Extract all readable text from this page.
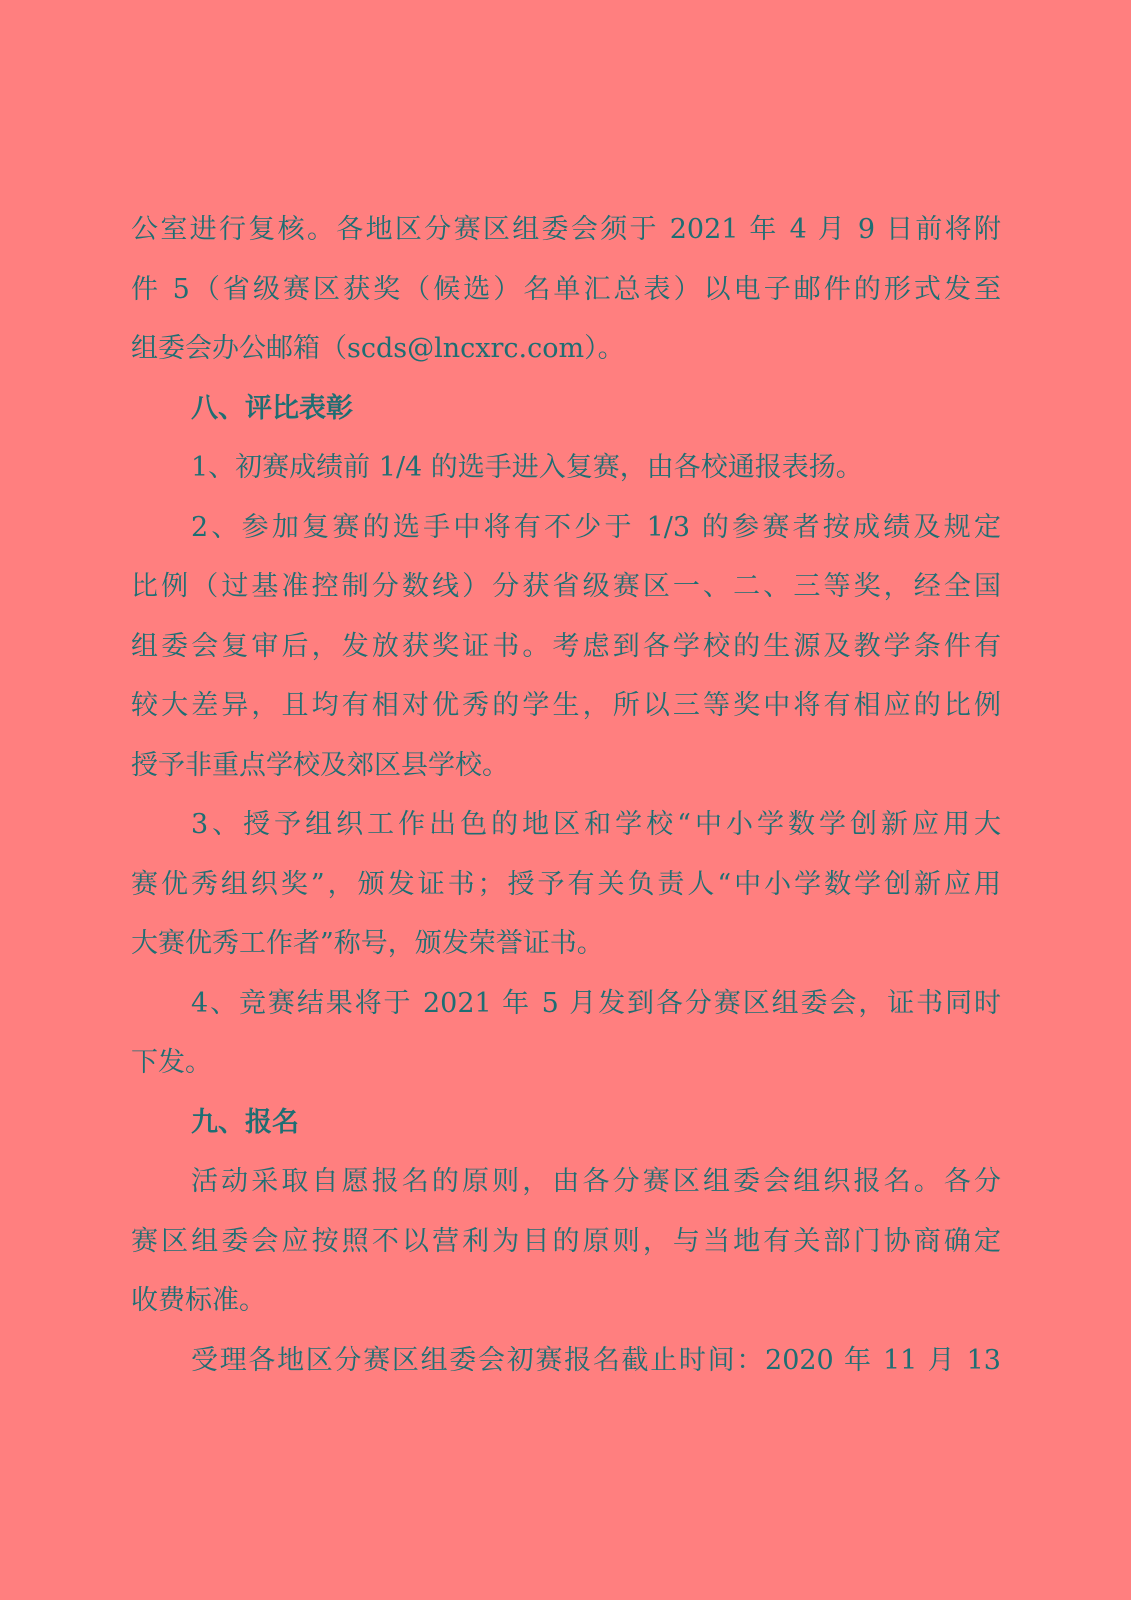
公室进行复核。各地区分赛区组委会须于 2021 年 4 月 9 日前将附
件 5（省级赛区获奖（候选）名单汇总表）以电子邮件的形式发至
组委会办公邮箱（scds@lncxrc.com）。
八、评比表彰
1、初赛成绩前 1/4 的选手进入复赛，由各校通报表扬。
2、参加复赛的选手中将有不少于 1/3 的参赛者按成绩及规定
比例（过基准控制分数线）分获省级赛区一、二、三等奖，经全国
组委会复审后，发放获奖证书。考虑到各学校的生源及教学条件有
较大差异，且均有相对优秀的学生，所以三等奖中将有相应的比例
授予非重点学校及郊区县学校。
3、授予组织工作出色的地区和学校“中小学数学创新应用大
赛优秀组织奖”，颁发证书；授予有关负责人“中小学数学创新应用
大赛优秀工作者”称号，颁发荣誉证书。
4、竞赛结果将于 2021 年 5 月发到各分赛区组委会，证书同时
下发。
九、报名
活动采取自愿报名的原则，由各分赛区组委会组织报名。各分
赛区组委会应按照不以营利为目的原则，与当地有关部门协商确定
收费标准。
受理各地区分赛区组委会初赛报名截止时间：2020 年 11 月 13
